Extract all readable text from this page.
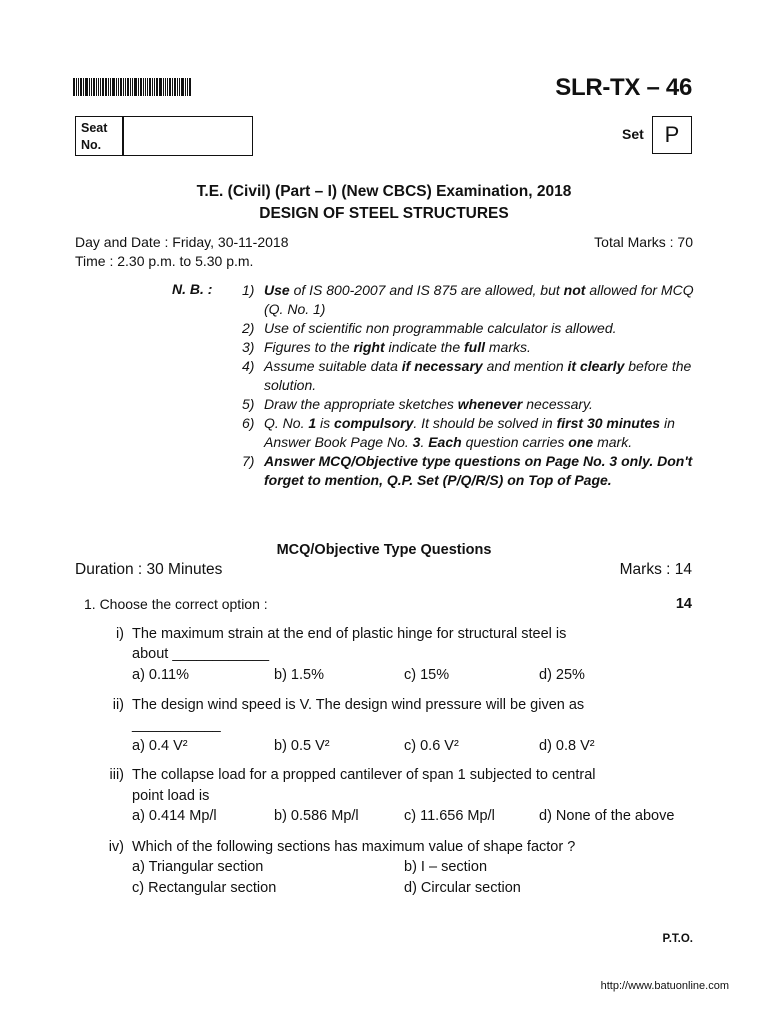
SLR-TX – 46
Seat
No.
Set P
T.E. (Civil) (Part – I) (New CBCS) Examination, 2018
DESIGN OF STEEL STRUCTURES
Day and Date : Friday, 30-11-2018	Total Marks : 70
Time : 2.30 p.m. to 5.30 p.m.
N. B. : 1) Use of IS 800-2007 and IS 875 are allowed, but not allowed for MCQ (Q. No. 1)
2) Use of scientific non programmable calculator is allowed.
3) Figures to the right indicate the full marks.
4) Assume suitable data if necessary and mention it clearly before the solution.
5) Draw the appropriate sketches whenever necessary.
6) Q. No. 1 is compulsory. It should be solved in first 30 minutes in Answer Book Page No. 3. Each question carries one mark.
7) Answer MCQ/Objective type questions on Page No. 3 only. Don't forget to mention, Q.P. Set (P/Q/R/S) on Top of Page.
MCQ/Objective Type Questions
Duration : 30 Minutes	Marks : 14
1. Choose the correct option :	14
i) The maximum strain at the end of plastic hinge for structural steel is
about ____________
a) 0.11%	b) 1.5%	c) 15%	d) 25%
ii) The design wind speed is V. The design wind pressure will be given as
___________
a) 0.4 V²	b) 0.5 V²	c) 0.6 V²	d) 0.8 V²
iii) The collapse load for a propped cantilever of span 1 subjected to central
point load is
a) 0.414 Mp/l	b) 0.586 Mp/l	c) 11.656 Mp/l	d) None of the above
iv) Which of the following sections has maximum value of shape factor ?
a) Triangular section	b) I – section
c) Rectangular section	d) Circular section
P.T.O.
http://www.batuonline.com
